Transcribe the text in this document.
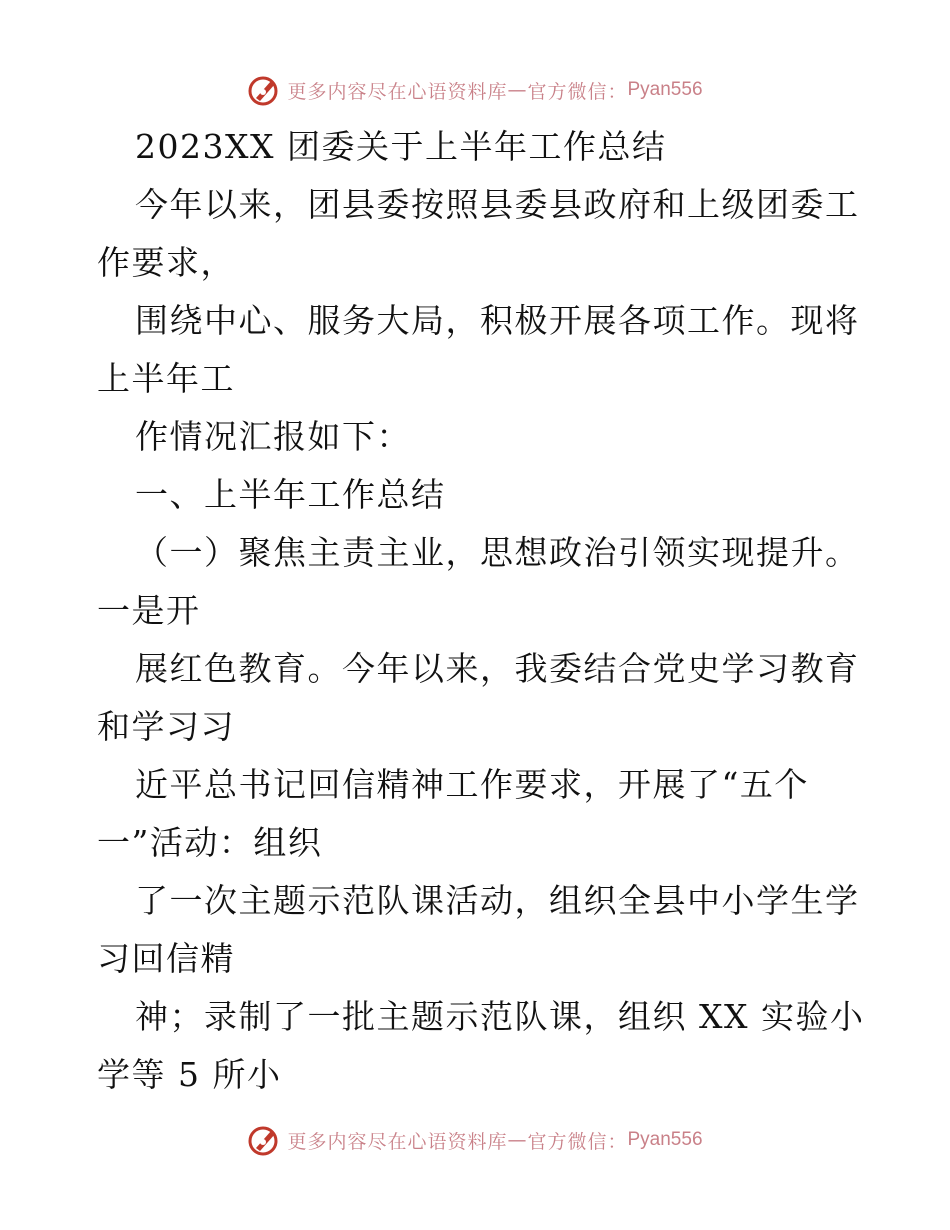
更多内容尽在心语资料库 — 官方微信： Pyan556
2023XX 团委关于上半年工作总结
今年以来，团县委按照县委县政府和上级团委工
作要求，
围绕中心、服务大局，积极开展各项工作。现将
上半年工
作情况汇报如下：
一、上半年工作总结
（一）聚焦主责主业，思想政治引领实现提升。
一是开
展红色教育。今年以来，我委结合党史学习教育
和学习习
近平总书记回信精神工作要求，开展了“五个
一”活动：组织
了一次主题示范队课活动，组织全县中小学生学
习回信精
神；录制了一批主题示范队课，组织 XX 实验小
学等 5 所小
更多内容尽在心语资料库 — 官方微信： Pyan556
